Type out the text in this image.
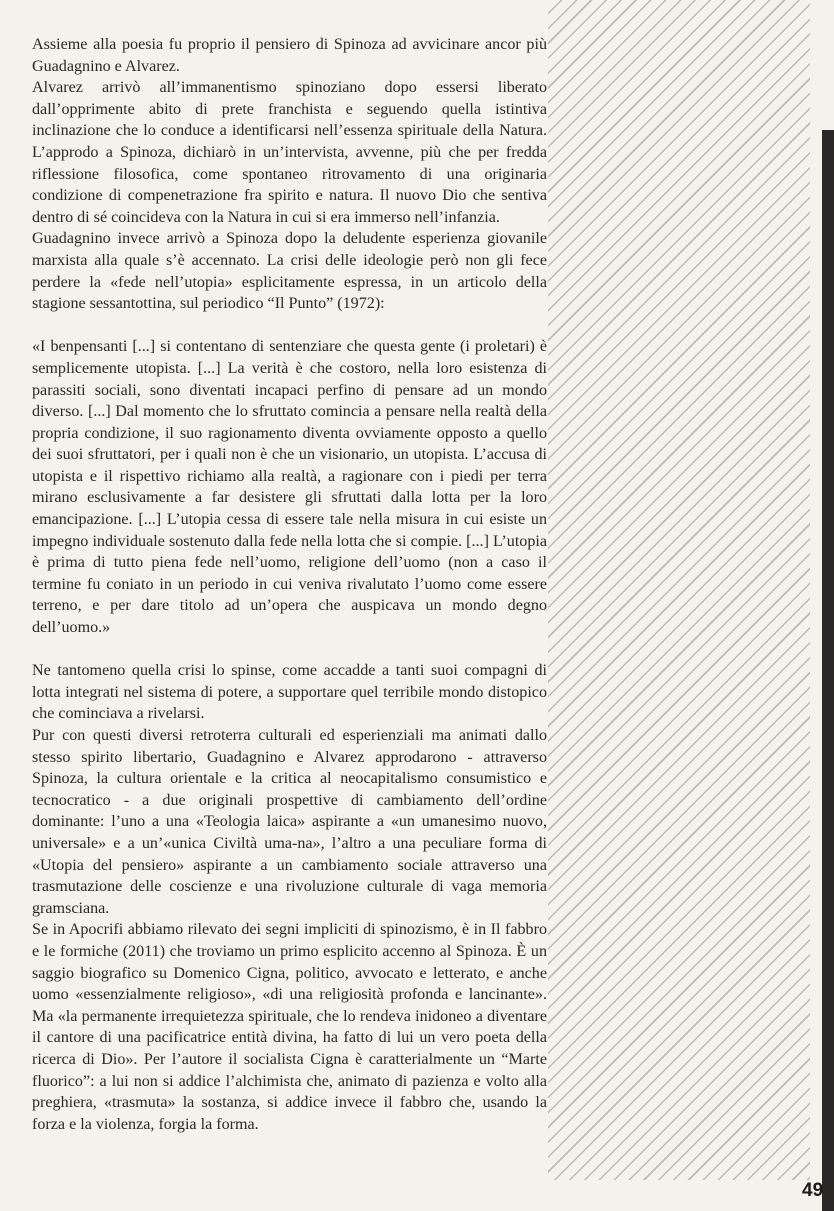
Assieme alla poesia fu proprio il pensiero di Spinoza ad avvicinare ancor più Guadagnino e Alvarez.

Alvarez arrivò all’immanentismo spinoziano dopo essersi liberato dall’opprimente abito di prete franchista e seguendo quella istintiva inclinazione che lo conduce a identificarsi nell’essenza spirituale della Natura. L’approdo a Spinoza, dichiarò in un’intervista, avvenne, più che per fredda riflessione filosofica, come spontaneo ritrovamento di una originaria condizione di compenetrazione fra spirito e natura. Il nuovo Dio che sentiva dentro di sé coincideva con la Natura in cui si era immerso nell’infanzia.

Guadagnino invece arrivò a Spinoza dopo la deludente esperienza giovanile marxista alla quale s’è accennato. La crisi delle ideologie però non gli fece perdere la «fede nell’utopia» esplicitamente espressa, in un articolo della stagione sessantottina, sul periodico “Il Punto” (1972):

«I benpensanti [...] si contentano di sentenziare che questa gente (i proletari) è semplicemente utopista. [...] La verità è che costoro, nella loro esistenza di parassiti sociali, sono diventati incapaci perfino di pensare ad un mondo diverso. [...] Dal momento che lo sfruttato comincia a pensare nella realtà della propria condizione, il suo ragionamento diventa ovviamente opposto a quello dei suoi sfruttatori, per i quali non è che un visionario, un utopista. L’accusa di utopista e il rispettivo richiamo alla realtà, a ragionare con i piedi per terra mirano esclusivamente a far desistere gli sfruttati dalla lotta per la loro emancipazione. [...] L’utopia cessa di essere tale nella misura in cui esiste un impegno individuale sostenuto dalla fede nella lotta che si compie. [...] L’utopia è prima di tutto piena fede nell’uomo, religione dell’uomo (non a caso il termine fu coniato in un periodo in cui veniva rivalutato l’uomo come essere terreno, e per dare titolo ad un’opera che auspicava un mondo degno dell’uomo.»

Ne tantomeno quella crisi lo spinse, come accadde a tanti suoi compagni di lotta integrati nel sistema di potere, a supportare quel terribile mondo distopico che cominciava a rivelarsi.

Pur con questi diversi retroterra culturali ed esperienziali ma animati dallo stesso spirito libertario, Guadagnino e Alvarez approdarono - attraverso Spinoza, la cultura orientale e la critica al neocapitalismo consumistico e tecnocratico - a due originali prospettive di cambiamento dell’ordine dominante: l’uno a una «Teologia laica» aspirante a «un umanesimo nuovo, universale» e a un’«unica Civiltà uma-na», l’altro a una peculiare forma di «Utopia del pensiero» aspirante a un cambiamento sociale attraverso una trasmutazione delle coscienze e una rivoluzione culturale di vaga memoria gramsciana.

Se in Apocrifi abbiamo rilevato dei segni impliciti di spinozismo, è in Il fabbro e le formiche (2011) che troviamo un primo esplicito accenno al Spinoza. È un saggio biografico su Domenico Cigna, politico, avvocato e letterato, e anche uomo «essenzialmente religioso», «di una religiosità profonda e lancinante». Ma «la permanente irrequietezza spirituale, che lo rendeva inidoneo a diventare il cantore di una pacificatrice entità divina, ha fatto di lui un vero poeta della ricerca di Dio». Per l’autore il socialista Cigna è caratterialmente un “Marte fluorico”: a lui non si addice l’alchimista che, animato di pazienza e volto alla preghiera, «trasmuta» la sostanza, si addice invece il fabbro che, usando la forza e la violenza, forgia la forma.

49
